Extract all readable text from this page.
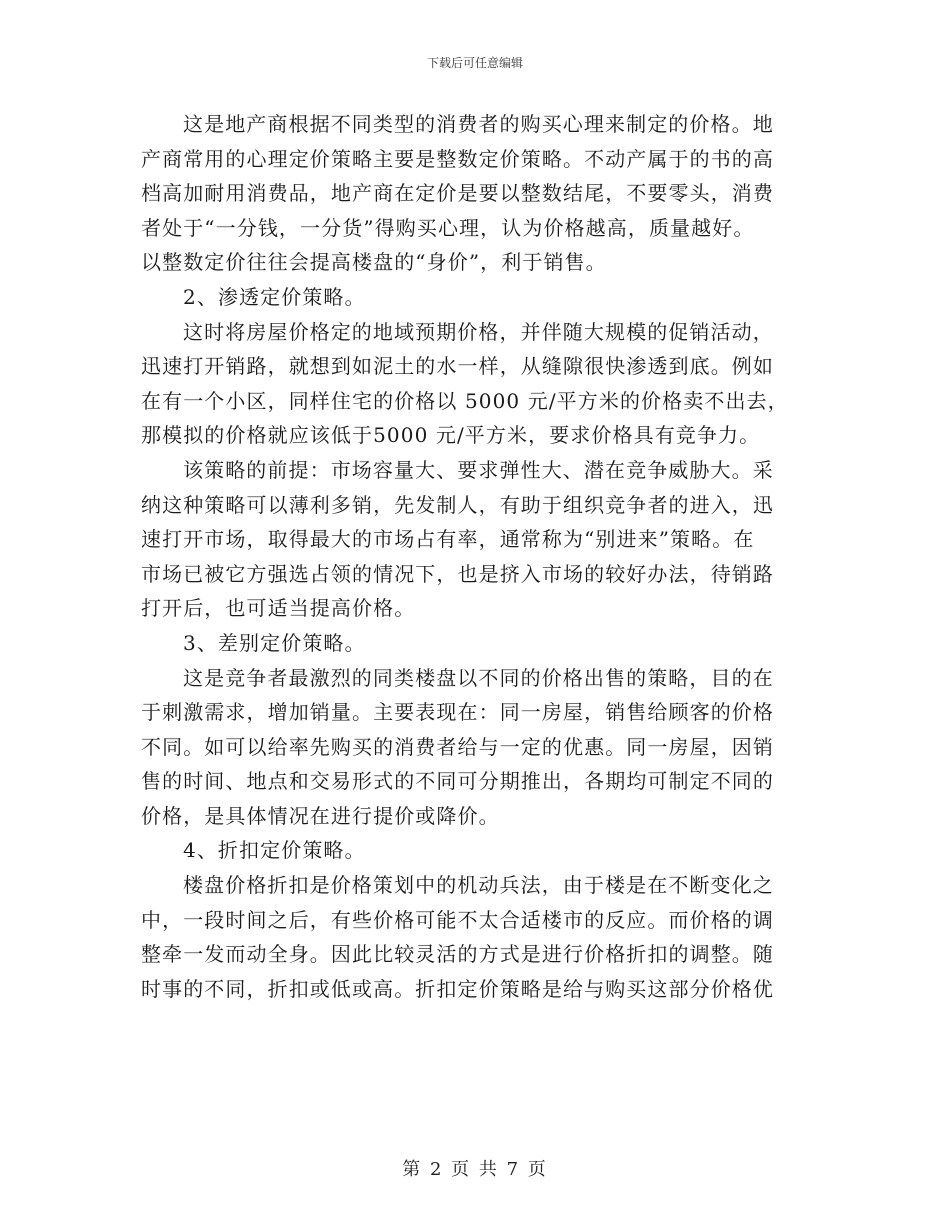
下载后可任意编辑

这是地产商根据不同类型的消费者的购买心理来制定的价格。地
产商常用的心理定价策略主要是整数定价策略。不动产属于的书的高
档高加耐用消费品，地产商在定价是要以整数结尾，不要零头，消费
者处于“一分钱，一分货”得购买心理，认为价格越高，质量越好。
以整数定价往往会提高楼盘的“身价”，利于销售。

2、渗透定价策略。

这时将房屋价格定的地域预期价格，并伴随大规模的促销活动，
迅速打开销路，就想到如泥土的水一样，从缝隙很快渗透到底。例如
在有一个小区，同样住宅的价格以 5000 元/平方米的价格卖不出去，
那模拟的价格就应该低于5000 元/平方米，要求价格具有竞争力。

该策略的前提：市场容量大、要求弹性大、潜在竞争威胁大。采
纳这种策略可以薄利多销，先发制人，有助于组织竞争者的进入，迅
速打开市场，取得最大的市场占有率，通常称为“别进来”策略。在
市场已被它方强选占领的情况下，也是挤入市场的较好办法，待销路
打开后，也可适当提高价格。

3、差别定价策略。

这是竞争者最激烈的同类楼盘以不同的价格出售的策略，目的在
于刺激需求，增加销量。主要表现在：同一房屋，销售给顾客的价格
不同。如可以给率先购买的消费者给与一定的优惠。同一房屋，因销
售的时间、地点和交易形式的不同可分期推出，各期均可制定不同的
价格，是具体情况在进行提价或降价。

4、折扣定价策略。

楼盘价格折扣是价格策划中的机动兵法，由于楼是在不断变化之
中，一段时间之后，有些价格可能不太合适楼市的反应。而价格的调
整牵一发而动全身。因此比较灵活的方式是进行价格折扣的调整。随
时事的不同，折扣或低或高。折扣定价策略是给与购买这部分价格优

第 2 页 共 7 页
